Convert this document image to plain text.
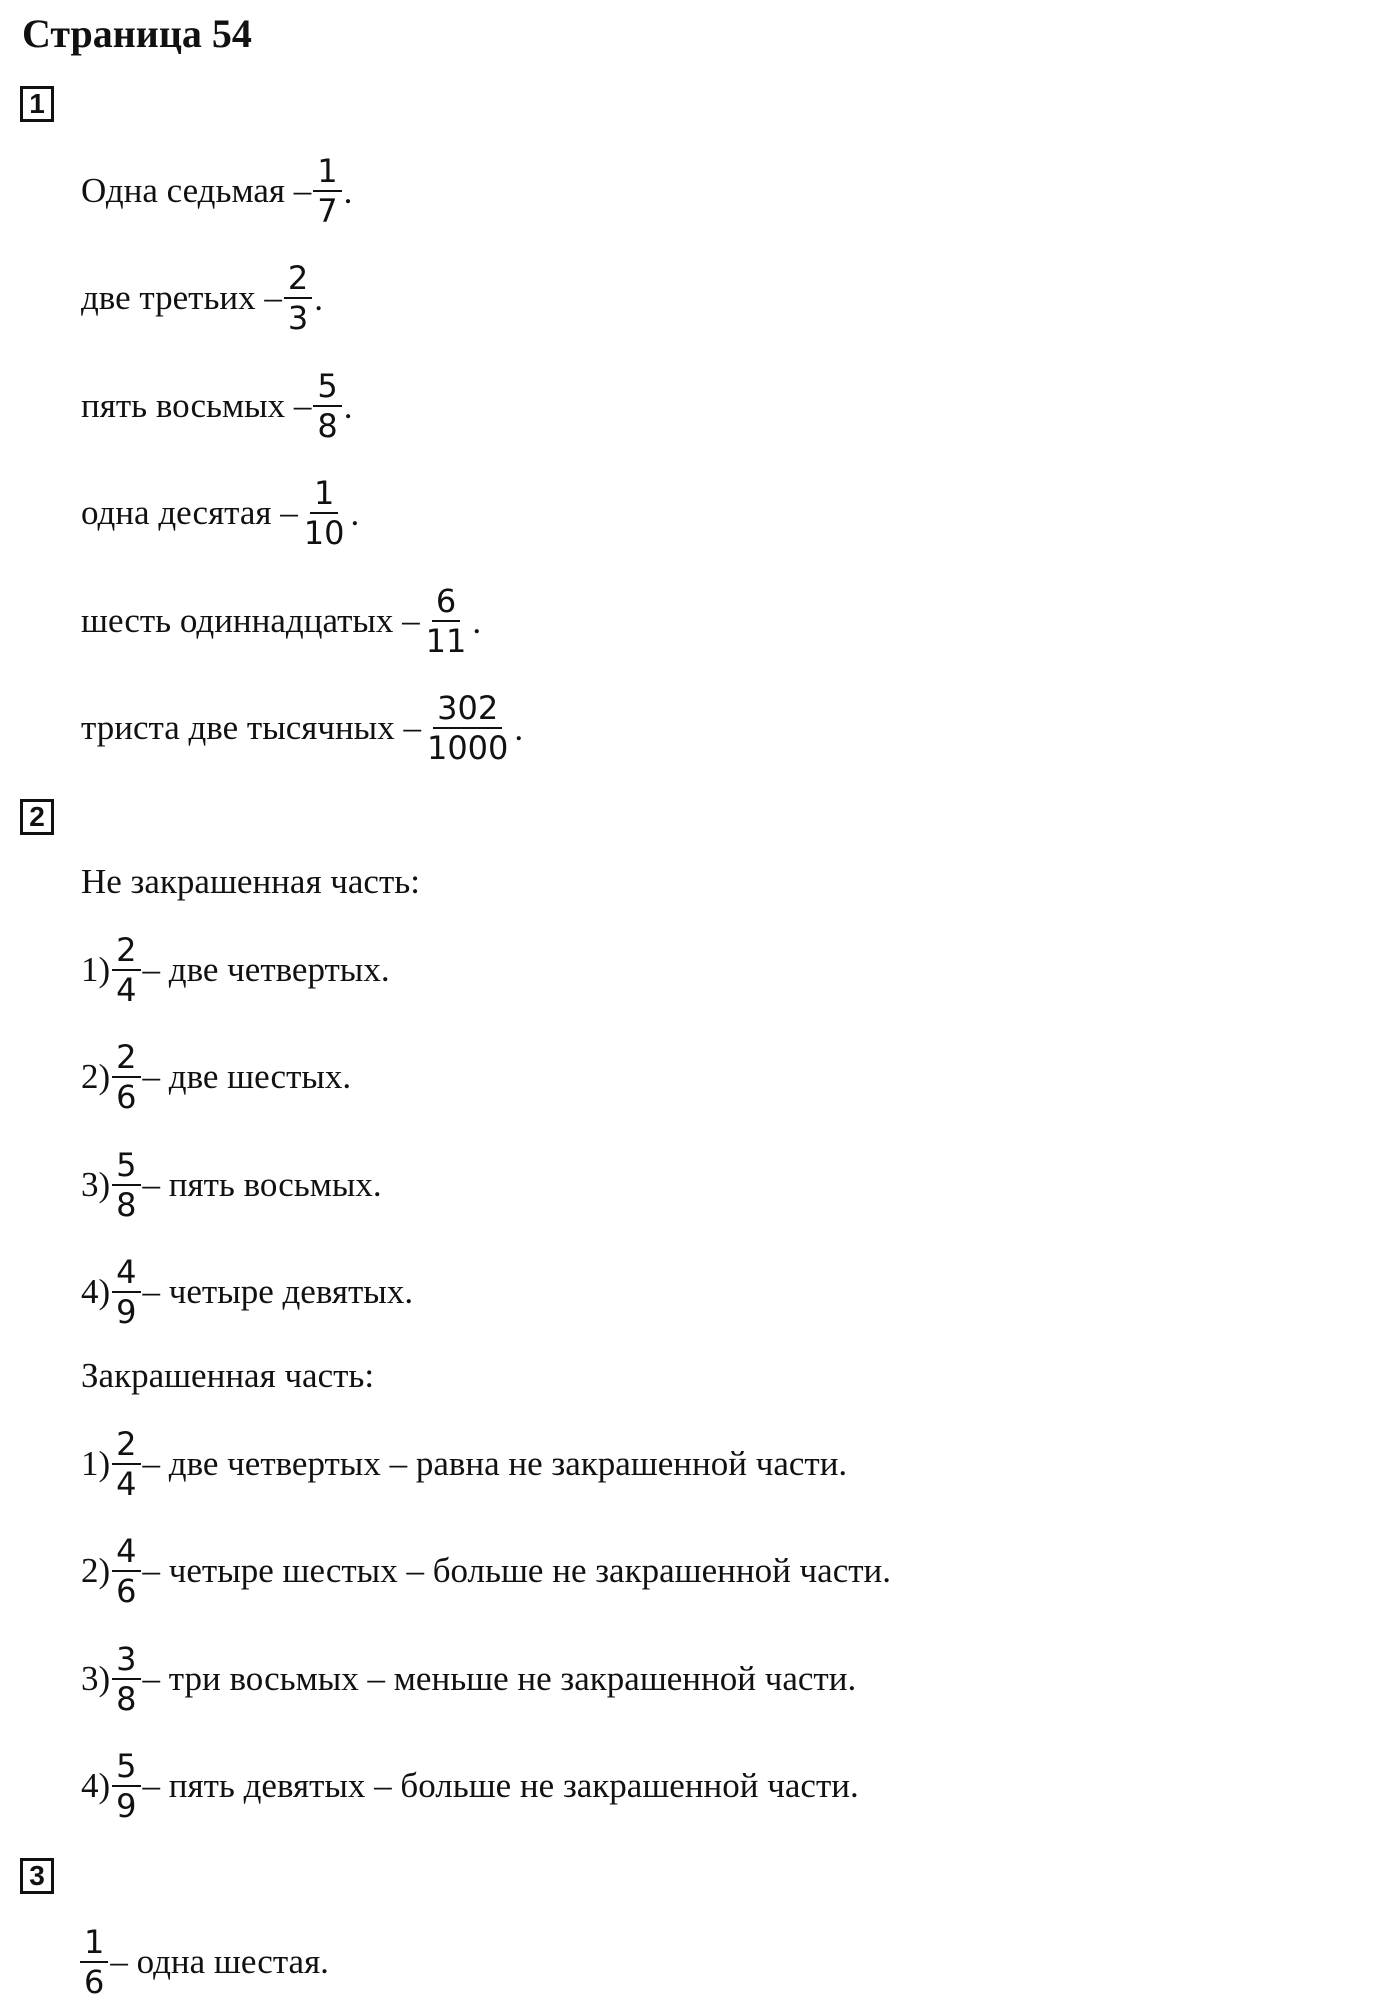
Страница 54
1
Одна седьмая – $\frac{1}{7}$ .
две третьих – $\frac{2}{3}$ .
пять восьмых – $\frac{5}{8}$ .
одна десятая – $\frac{1}{10}$ .
шесть одиннадцатых – $\frac{6}{11}$ .
триста две тысячных – $\frac{302}{1000}$ .
2
Не закрашенная часть:
$1) \frac{2}{4}$ – две четвертых.
$2) \frac{2}{6}$ – две шестых.
$3) \frac{5}{8}$ – пять восьмых.
$4) \frac{4}{9}$ – четыре девятых.
Закрашенная часть:
$1) \frac{2}{4}$ – две четвертых – равна не закрашенной части.
$2) \frac{4}{6}$ – четыре шестых – больше не закрашенной части.
$3) \frac{3}{8}$ – три восьмых – меньше не закрашенной части.
$4) \frac{5}{9}$ – пять девятых – больше не закрашенной части.
3
$\frac{1}{6}$ – одна шестая.
